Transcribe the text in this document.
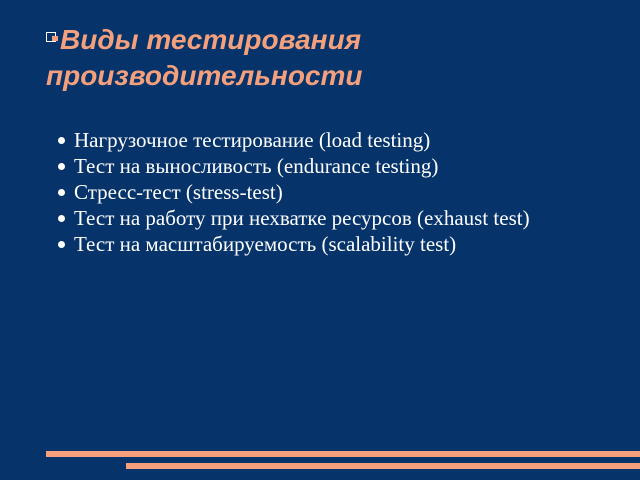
Виды тестирования
производительности
Нагрузочное тестирование (load testing)
Тест на выносливость (endurance testing)
Стресс-тест (stress-test)
Тест на работу при нехватке ресурсов (exhaust test)
Тест на масштабируемость (scalability test)
